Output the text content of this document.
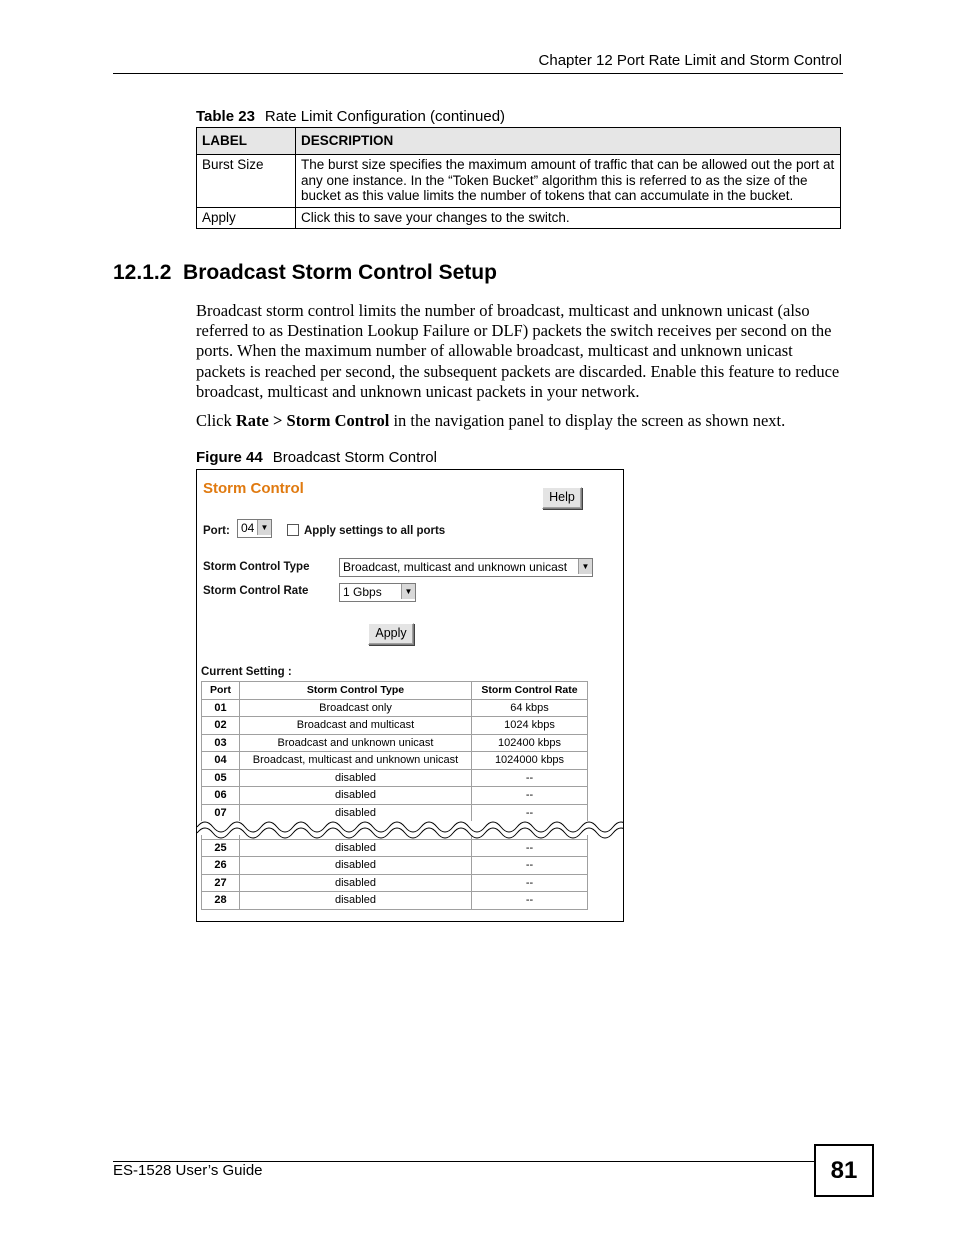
Chapter 12 Port Rate Limit and Storm Control
Table 23 Rate Limit Configuration (continued)
LABEL	DESCRIPTION
Burst Size	The burst size specifies the maximum amount of traffic that can be allowed out the port at any one instance. In the “Token Bucket” algorithm this is referred to as the size of the bucket as this value limits the number of tokens that can accumulate in the bucket.
Apply	Click this to save your changes to the switch.
12.1.2  Broadcast Storm Control Setup
Broadcast storm control limits the number of broadcast, multicast and unknown unicast (also referred to as Destination Lookup Failure or DLF) packets the switch receives per second on the ports. When the maximum number of allowable broadcast, multicast and unknown unicast packets is reached per second, the subsequent packets are discarded. Enable this feature to reduce broadcast, multicast and unknown unicast packets in your network.
Click Rate > Storm Control in the navigation panel to display the screen as shown next.
Figure 44 Broadcast Storm Control
Storm Control	Help
Port: 04 ▼	Apply settings to all ports
Storm Control Type	Broadcast, multicast and unknown unicast	▼
Storm Control Rate	1 Gbps	▼
Apply
Current Setting :
Port	Storm Control Type	Storm Control Rate
01	Broadcast only	64 kbps
02	Broadcast and multicast	1024 kbps
03	Broadcast and unknown unicast	102400 kbps
04	Broadcast, multicast and unknown unicast	1024000 kbps
05	disabled	--
06	disabled	--
07	disabled	--

25	disabled	--
26	disabled	--
27	disabled	--
28	disabled	--
ES-1528 User’s Guide	81
